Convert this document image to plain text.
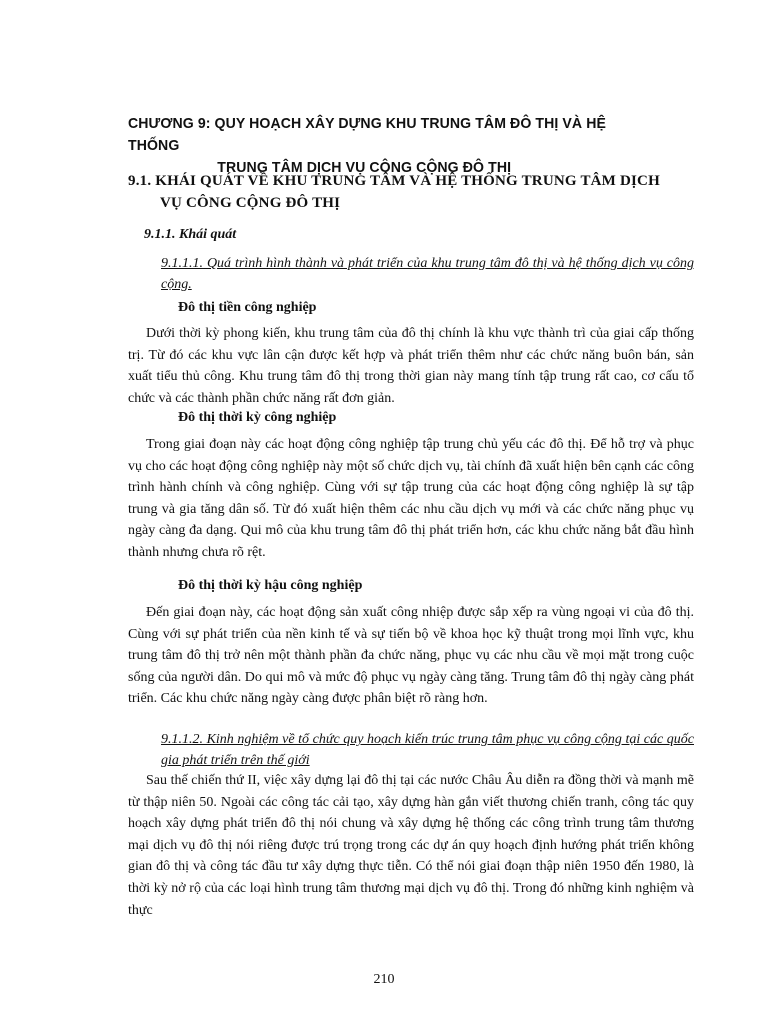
CHƯƠNG 9: QUY HOẠCH XÂY DỰNG KHU TRUNG TÂM ĐÔ THỊ VÀ HỆ THỐNG
TRUNG TÂM DỊCH VỤ CÔNG CỘNG ĐÔ THỊ
9.1. KHÁI QUÁT VỀ KHU TRUNG TÂM VÀ HỆ THỐNG TRUNG TÂM DỊCH
VỤ CÔNG CỘNG ĐÔ THỊ
9.1.1. Khái quát
9.1.1.1. Quá trình hình thành và phát triển của khu trung tâm đô thị và hệ thống dịch vụ công cộng.
Đô thị tiền công nghiệp
Dưới thời kỳ phong kiến, khu trung tâm của đô thị chính là khu vực thành trì của giai cấp thống trị. Từ đó các khu vực lân cận được kết hợp và phát triển thêm như các chức năng buôn bán, sản xuất tiểu thủ công. Khu trung tâm đô thị trong thời gian này mang tính tập trung rất cao, cơ cấu tổ chức và các thành phần chức năng rất đơn giản.
Đô thị thời kỳ công nghiệp
Trong giai đoạn này các hoạt động công nghiệp tập trung chủ yếu các đô thị. Để hỗ trợ và phục vụ cho các hoạt động công nghiệp này một số chức dịch vụ, tài chính đã xuất hiện bên cạnh các công trình hành chính và công nghiệp. Cùng với sự tập trung của các hoạt động công nghiệp là sự tập trung và gia tăng dân số. Từ đó xuất hiện thêm các nhu cầu dịch vụ mới và các chức năng phục vụ ngày càng đa dạng. Qui mô của khu trung tâm đô thị phát triển hơn, các khu chức năng bắt đầu hình thành nhưng chưa rõ rệt.
Đô thị thời kỳ hậu công nghiệp
Đến giai đoạn này, các hoạt động sản xuất công nhiệp được sắp xếp ra vùng ngoại vi của đô thị. Cùng với sự phát triển của nền kinh tế và sự tiến bộ về khoa học kỹ thuật trong mọi lĩnh vực, khu trung tâm đô thị trở nên một thành phần đa chức năng, phục vụ các nhu cầu về mọi mặt trong cuộc sống của người dân. Do qui mô và mức độ phục vụ ngày càng tăng. Trung tâm đô thị ngày càng phát triển. Các khu chức năng ngày càng được phân biệt rõ ràng hơn.
9.1.1.2. Kinh nghiệm về tổ chức quy hoạch kiến trúc trung tâm phục vụ công cộng tại các quốc gia phát triển trên thế giới
Sau thế chiến thứ II, việc xây dựng lại đô thị tại các nước Châu Âu diễn ra đồng thời và mạnh mẽ từ thập niên 50. Ngoài các công tác cải tạo, xây dựng hàn gắn viết thương chiến tranh, công tác quy hoạch xây dựng phát triển đô thị nói chung và xây dựng hệ thống các công trình trung tâm thương mại dịch vụ đô thị nói riêng được trú trọng trong các dự án quy hoạch định hướng phát triển không gian đô thị và công tác đầu tư xây dựng thực tiễn. Có thể nói giai đoạn thập niên 1950 đến 1980, là thời kỳ nở rộ của các loại hình trung tâm thương mại dịch vụ đô thị. Trong đó những kinh nghiệm và thực
210
